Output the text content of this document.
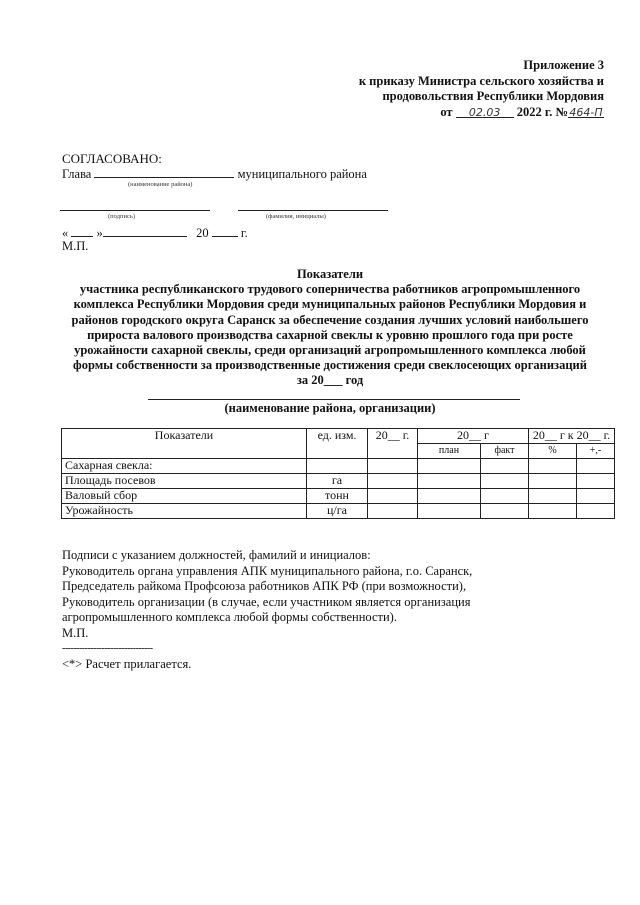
Приложение 3
к приказу Министра сельского хозяйства и
продовольствия Республики Мордовия
от 02.03 2022 г. №464-П
СОГЛАСОВАНО:
Глава	муниципального района
(наименование района)
(подпись)	(фамилия, инициалы)
« »	20	г.
М.П.
Показатели
участника республиканского трудового соперничества работников агропромышленного
комплекса Республики Мордовия среди муниципальных районов Республики Мордовия и
районов городского округа Саранск за обеспечение создания лучших условий наибольшего
прироста валового производства сахарной свеклы к уровню прошлого года при росте
урожайности сахарной свеклы, среди организаций агропромышленного комплекса любой
формы собственности за производственные достижения среди свеклосеющих организаций
за 20___ год
(наименование района, организации)
Показатели	ед. изм.	20__ г.	20__ г		20__ г к 20__ г.	
			план	факт	%	+,-
Сахарная свекла:						
Площадь посевов	га					
Валовый сбор	тонн					
Урожайность	ц/га					
Подписи с указанием должностей, фамилий и инициалов:
Руководитель органа управления АПК муниципального района, г.о. Саранск,
Председатель райкома Профсоюза работников АПК РФ (при возможности),
Руководитель организации (в случае, если участником является организация
агропромышленного комплекса любой формы собственности).
М.П.
--------------------------------
<*> Расчет прилагается.
